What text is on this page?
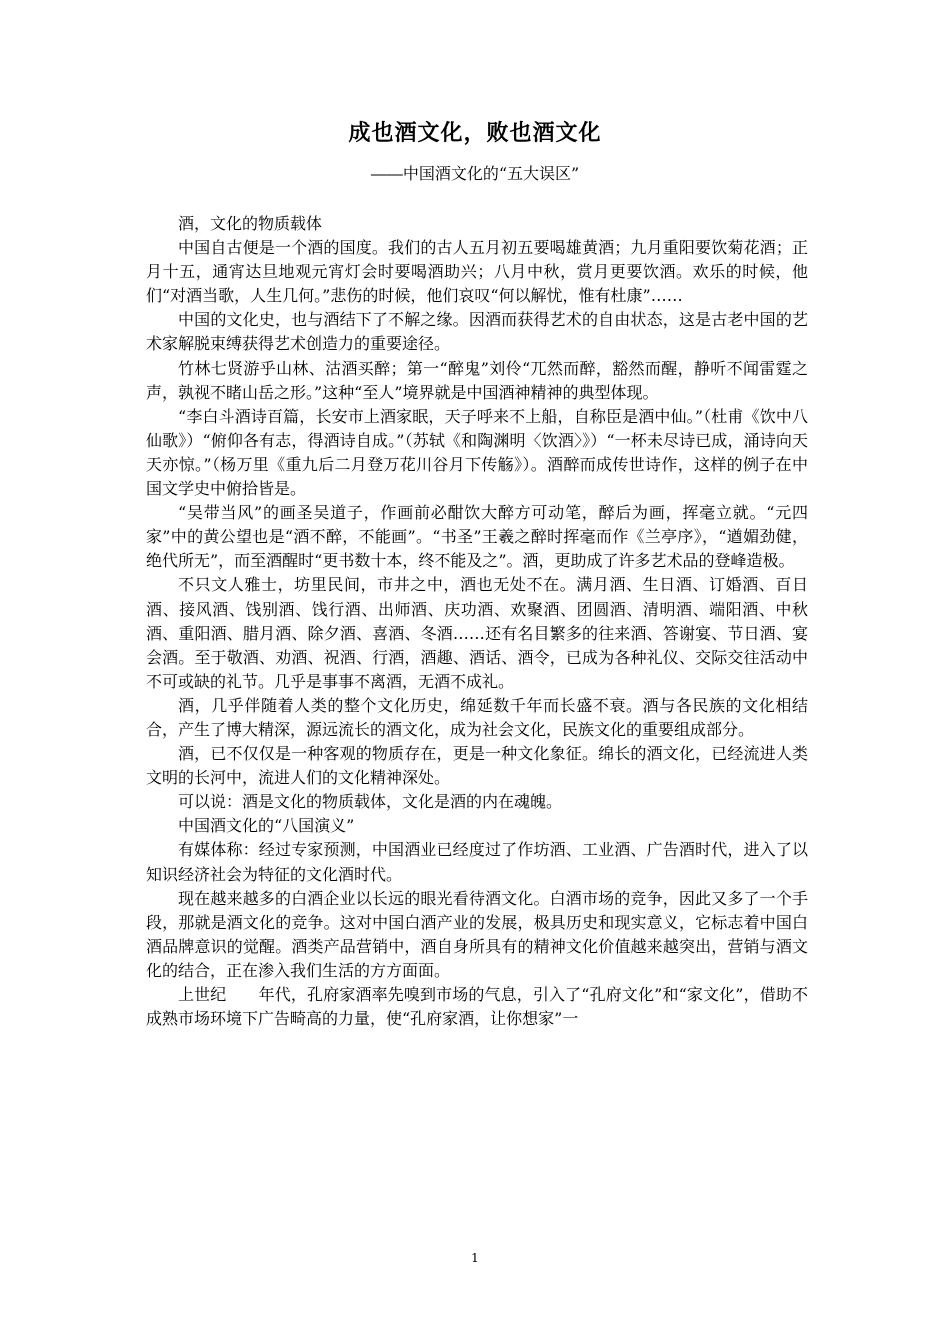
成也酒文化，败也酒文化
――中国酒文化的“五大误区”

酒，文化的物质载体

中国自古便是一个酒的国度。我们的古人五月初五要喝雄黄酒；九月重阳要饮菊花酒；正月十五，通宵达旦地观元宵灯会时要喝酒助兴；八月中秋，赏月更要饮酒。欢乐的时候，他们“对酒当歌，人生几何。”悲伤的时候，他们哀叹“何以解忧，惟有杜康”……

中国的文化史，也与酒结下了不解之缘。因酒而获得艺术的自由状态，这是古老中国的艺术家解脱束缚获得艺术创造力的重要途径。

竹林七贤游乎山林、沽酒买醉；第一“醉鬼”刘伶“兀然而醉，豁然而醒，静听不闻雷霆之声，孰视不睹山岳之形。”这种“至人”境界就是中国酒神精神的典型体现。

“李白斗酒诗百篇，长安市上酒家眠，天子呼来不上船，自称臣是酒中仙。”（杜甫《饮中八仙歌》）“俯仰各有志，得酒诗自成。”（苏轼《和陶渊明〈饮酒〉》）“一杯未尽诗已成，涌诗向天天亦惊。”（杨万里《重九后二月登万花川谷月下传觞》）。酒醉而成传世诗作，这样的例子在中国文学史中俯拾皆是。

“吴带当风”的画圣吴道子，作画前必酣饮大醉方可动笔，醉后为画，挥毫立就。“元四家”中的黄公望也是“酒不醉，不能画”。“书圣”王羲之醉时挥毫而作《兰亭序》，“遒媚劲健，绝代所无”，而至酒醒时“更书数十本，终不能及之”。酒，更助成了许多艺术品的登峰造极。

不只文人雅士，坊里民间，市井之中，酒也无处不在。满月酒、生日酒、订婚酒、百日酒、接风酒、饯别酒、饯行酒、出师酒、庆功酒、欢聚酒、团圆酒、清明酒、端阳酒、中秋酒、重阳酒、腊月酒、除夕酒、喜酒、冬酒……还有名目繁多的往来酒、答谢宴、节日酒、宴会酒。至于敬酒、劝酒、祝酒、行酒，酒趣、酒话、酒令，已成为各种礼仪、交际交往活动中不可或缺的礼节。几乎是事事不离酒，无酒不成礼。

酒，几乎伴随着人类的整个文化历史，绵延数千年而长盛不衰。酒与各民族的文化相结合，产生了博大精深，源远流长的酒文化，成为社会文化，民族文化的重要组成部分。

酒，已不仅仅是一种客观的物质存在，更是一种文化象征。绵长的酒文化，已经流进人类文明的长河中，流进人们的文化精神深处。

可以说：酒是文化的物质载体，文化是酒的内在魂魄。

中国酒文化的“八国演义”

有媒体称：经过专家预测，中国酒业已经度过了作坊酒、工业酒、广告酒时代，进入了以知识经济社会为特征的文化酒时代。

现在越来越多的白酒企业以长远的眼光看待酒文化。白酒市场的竞争，因此又多了一个手段，那就是酒文化的竞争。这对中国白酒产业的发展，极具历史和现实意义，它标志着中国白酒品牌意识的觉醒。酒类产品营销中，酒自身所具有的精神文化价值越来越突出，营销与酒文化的结合，正在渗入我们生活的方方面面。

上世纪　　年代，孔府家酒率先嗅到市场的气息，引入了“孔府文化”和“家文化”，借助不成熟市场环境下广告畸高的力量，使“孔府家酒，让你想家”一

1
